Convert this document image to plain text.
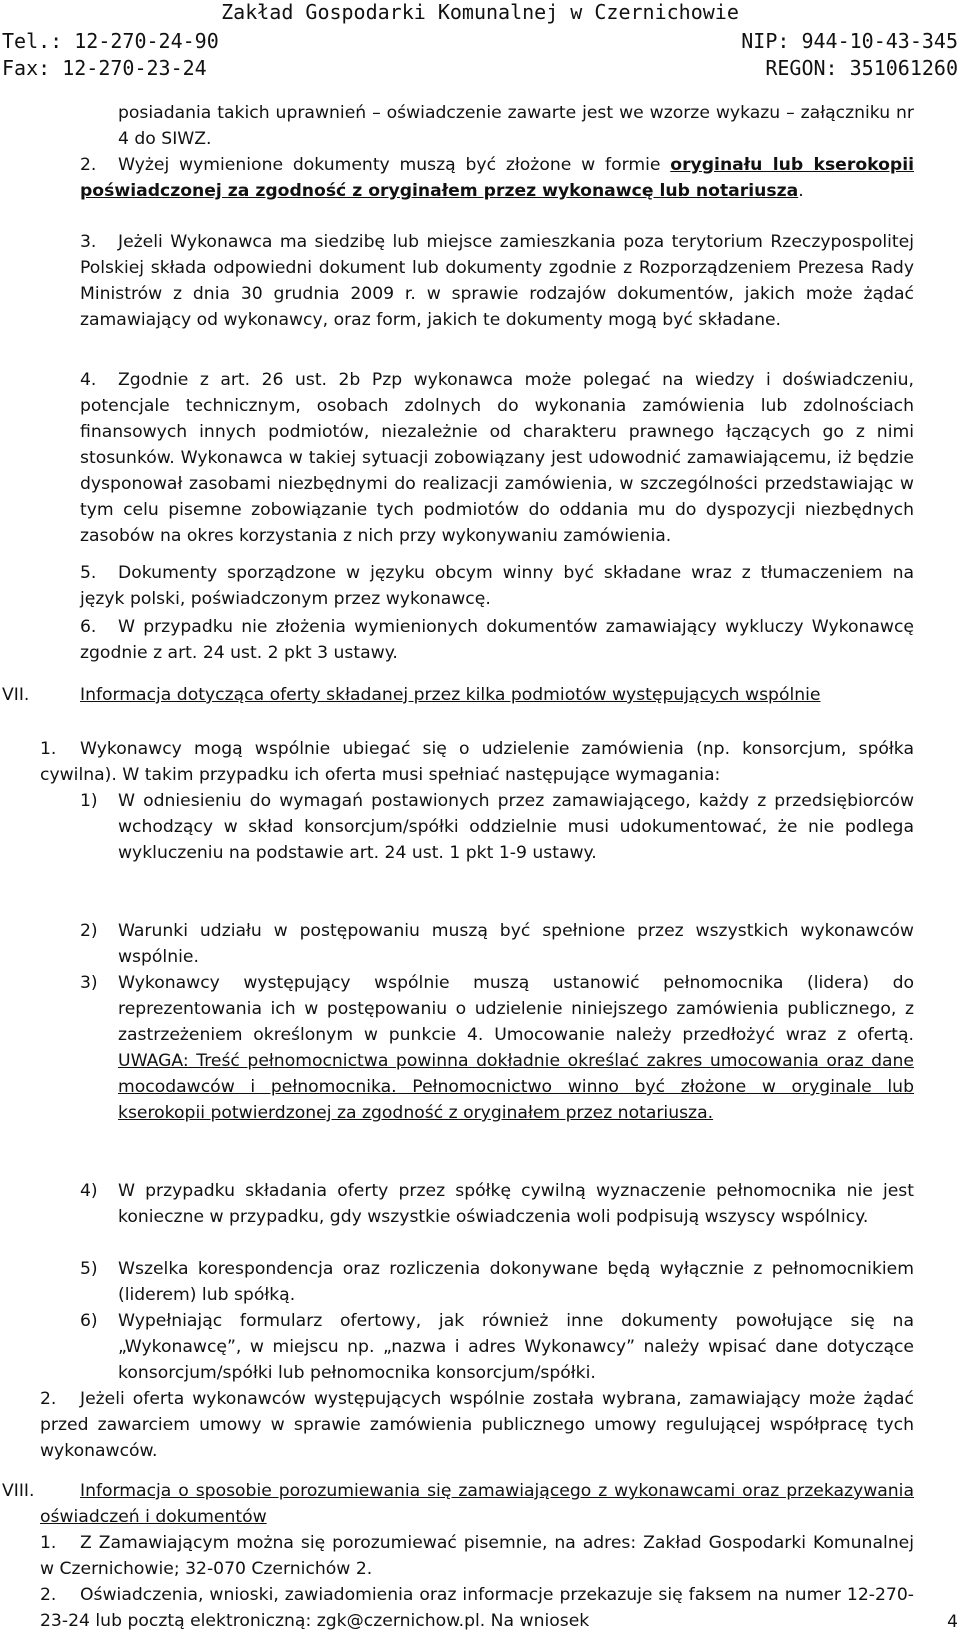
Zakład Gospodarki Komunalnej w Czernichowie
Tel.: 12-270-24-90
Fax: 12-270-23-24
NIP: 944-10-43-345
REGON: 351061260

posiadania takich uprawnień – oświadczenie zawarte jest we wzorze wykazu – załączniku nr 4 do SIWZ.

2.	Wyżej wymienione dokumenty muszą być złożone w formie oryginału lub kserokopii poświadczonej za zgodność z oryginałem przez wykonawcę lub notariusza.

3.	Jeżeli Wykonawca ma siedzibę lub miejsce zamieszkania poza terytorium Rzeczypospolitej Polskiej składa odpowiedni dokument lub dokumenty zgodnie z Rozporządzeniem Prezesa Rady Ministrów z dnia 30 grudnia 2009 r. w sprawie rodzajów dokumentów, jakich może żądać zamawiający od wykonawcy, oraz form, jakich te dokumenty mogą być składane.

4.	Zgodnie z art. 26 ust. 2b Pzp wykonawca może polegać na wiedzy i doświadczeniu, potencjale technicznym, osobach zdolnych do wykonania zamówienia lub zdolnościach finansowych innych podmiotów, niezależnie od charakteru prawnego łączących go z nimi stosunków. Wykonawca w takiej sytuacji zobowiązany jest udowodnić zamawiającemu, iż będzie dysponował zasobami niezbędnymi do realizacji zamówienia, w szczególności przedstawiając w tym celu pisemne zobowiązanie tych podmiotów do oddania mu do dyspozycji niezbędnych zasobów na okres korzystania z nich przy wykonywaniu zamówienia.

5.	Dokumenty sporządzone w języku obcym winny być składane wraz z tłumaczeniem na język polski, poświadczonym przez wykonawcę.

6.	W przypadku nie złożenia wymienionych dokumentów zamawiający wykluczy Wykonawcę zgodnie z art. 24 ust. 2 pkt 3 ustawy.

VII.	Informacja dotycząca oferty składanej przez kilka podmiotów występujących wspólnie

1.	Wykonawcy mogą wspólnie ubiegać się o udzielenie zamówienia (np. konsorcjum, spółka cywilna). W takim przypadku ich oferta musi spełniać następujące wymagania:

1) W odniesieniu do wymagań postawionych przez zamawiającego, każdy z przedsiębiorców wchodzący w skład konsorcjum/spółki oddzielnie musi udokumentować, że nie podlega wykluczeniu na podstawie art. 24 ust. 1 pkt 1-9 ustawy.

2) Warunki udziału w postępowaniu muszą być spełnione przez wszystkich wykonawców wspólnie.

3) Wykonawcy występujący wspólnie muszą ustanowić pełnomocnika (lidera) do reprezentowania ich w postępowaniu o udzielenie niniejszego zamówienia publicznego, z zastrzeżeniem określonym w punkcie 4. Umocowanie należy przedłożyć wraz z ofertą. UWAGA: Treść pełnomocnictwa powinna dokładnie określać zakres umocowania oraz dane mocodawców i pełnomocnika. Pełnomocnictwo winno być złożone w oryginale lub kserokopii potwierdzonej za zgodność z oryginałem przez notariusza.

4) W przypadku składania oferty przez spółkę cywilną wyznaczenie pełnomocnika nie jest konieczne w przypadku, gdy wszystkie oświadczenia woli podpisują wszyscy wspólnicy.

5) Wszelka korespondencja oraz rozliczenia dokonywane będą wyłącznie z pełnomocnikiem (liderem) lub spółką.

6) Wypełniając formularz ofertowy, jak również inne dokumenty powołujące się na „Wykonawcę”, w miejscu np. „nazwa i adres Wykonawcy” należy wpisać dane dotyczące konsorcjum/spółki lub pełnomocnika konsorcjum/spółki.

2.	Jeżeli oferta wykonawców występujących wspólnie została wybrana, zamawiający może żądać przed zawarciem umowy w sprawie zamówienia publicznego umowy regulującej współpracę tych wykonawców.

VIII.	Informacja o sposobie porozumiewania się zamawiającego z wykonawcami oraz przekazywania oświadczeń i dokumentów

1.	Z Zamawiającym można się porozumiewać pisemnie, na adres: Zakład Gospodarki Komunalnej w Czernichowie; 32-070 Czernichów 2.

2.	Oświadczenia, wnioski, zawiadomienia oraz informacje przekazuje się faksem na numer 12-270-23-24 lub pocztą elektroniczną: zgk@czernichow.pl. Na wniosek	4
